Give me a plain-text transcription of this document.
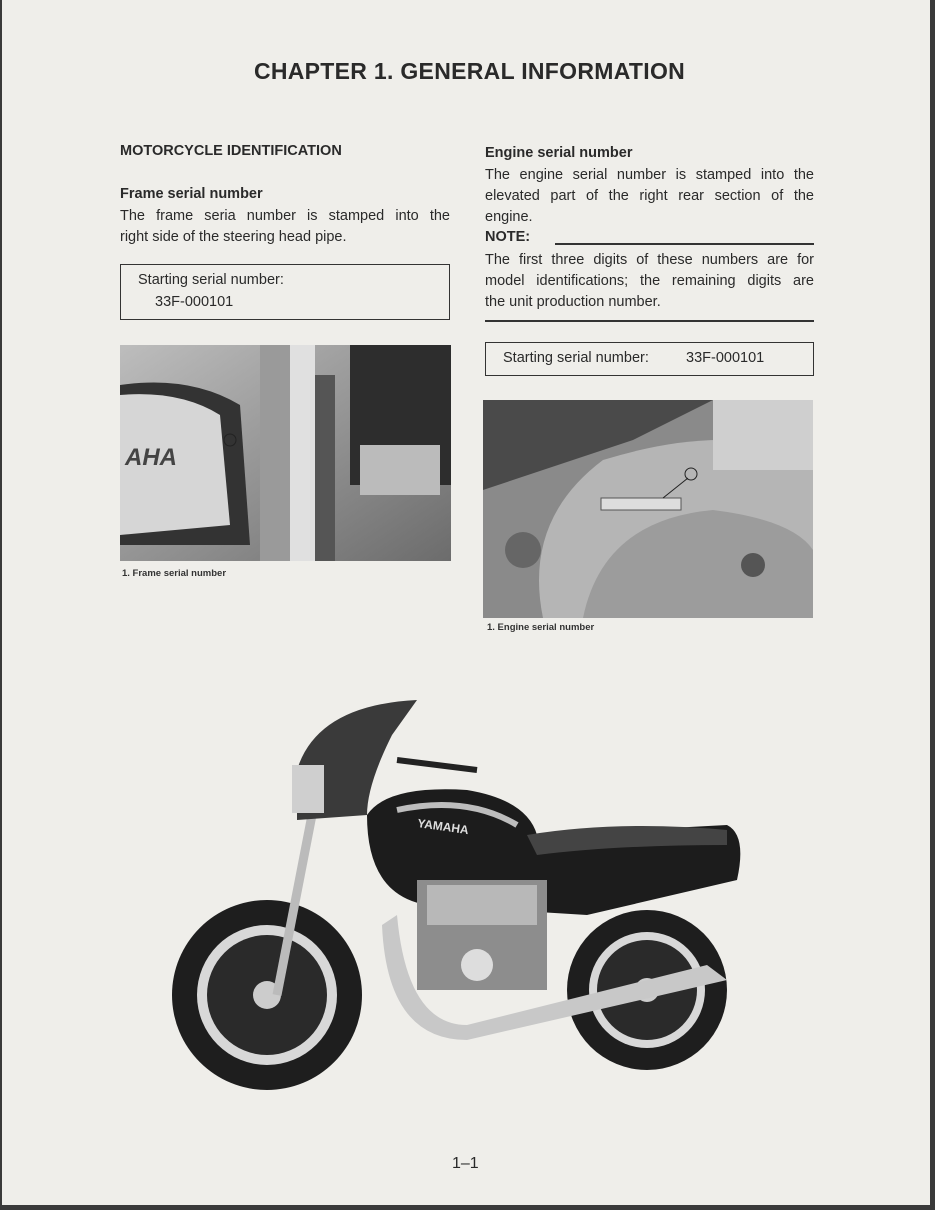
CHAPTER 1. GENERAL INFORMATION
MOTORCYCLE IDENTIFICATION
Frame serial number
The frame seria number is stamped into the
right side of the steering head pipe.
Starting serial number:
33F-000101
AHA
1. Frame serial number
Engine serial number
The engine serial number is stamped into the
elevated part of the right rear section of the
engine.
NOTE:
The first three digits of these numbers are for
model identifications; the remaining digits are
the unit production number.
Starting serial number:	33F-000101
1. Engine serial number
YAMAHA
1–1
